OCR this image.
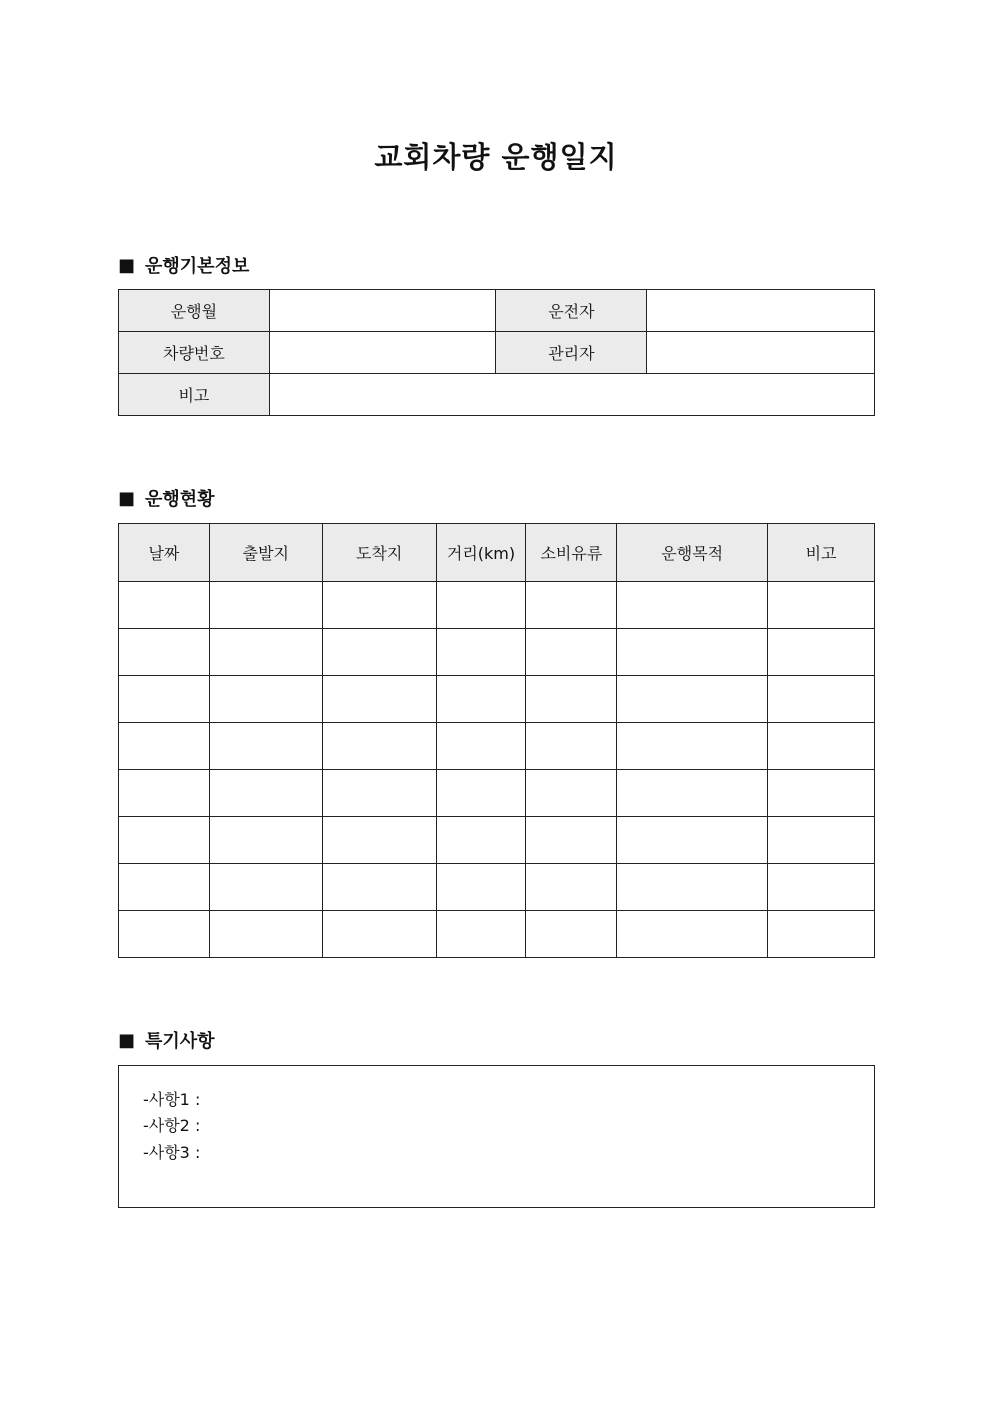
교회차량 운행일지
■ 운행기본정보
운행월		운전자	
차량번호		관리자	
비고			
■ 운행현황
날짜	출발지	도착지	거리(km)	소비유류	운행목적	비고

■ 특기사항
-사항1 :
-사항2 :
-사항3 :
